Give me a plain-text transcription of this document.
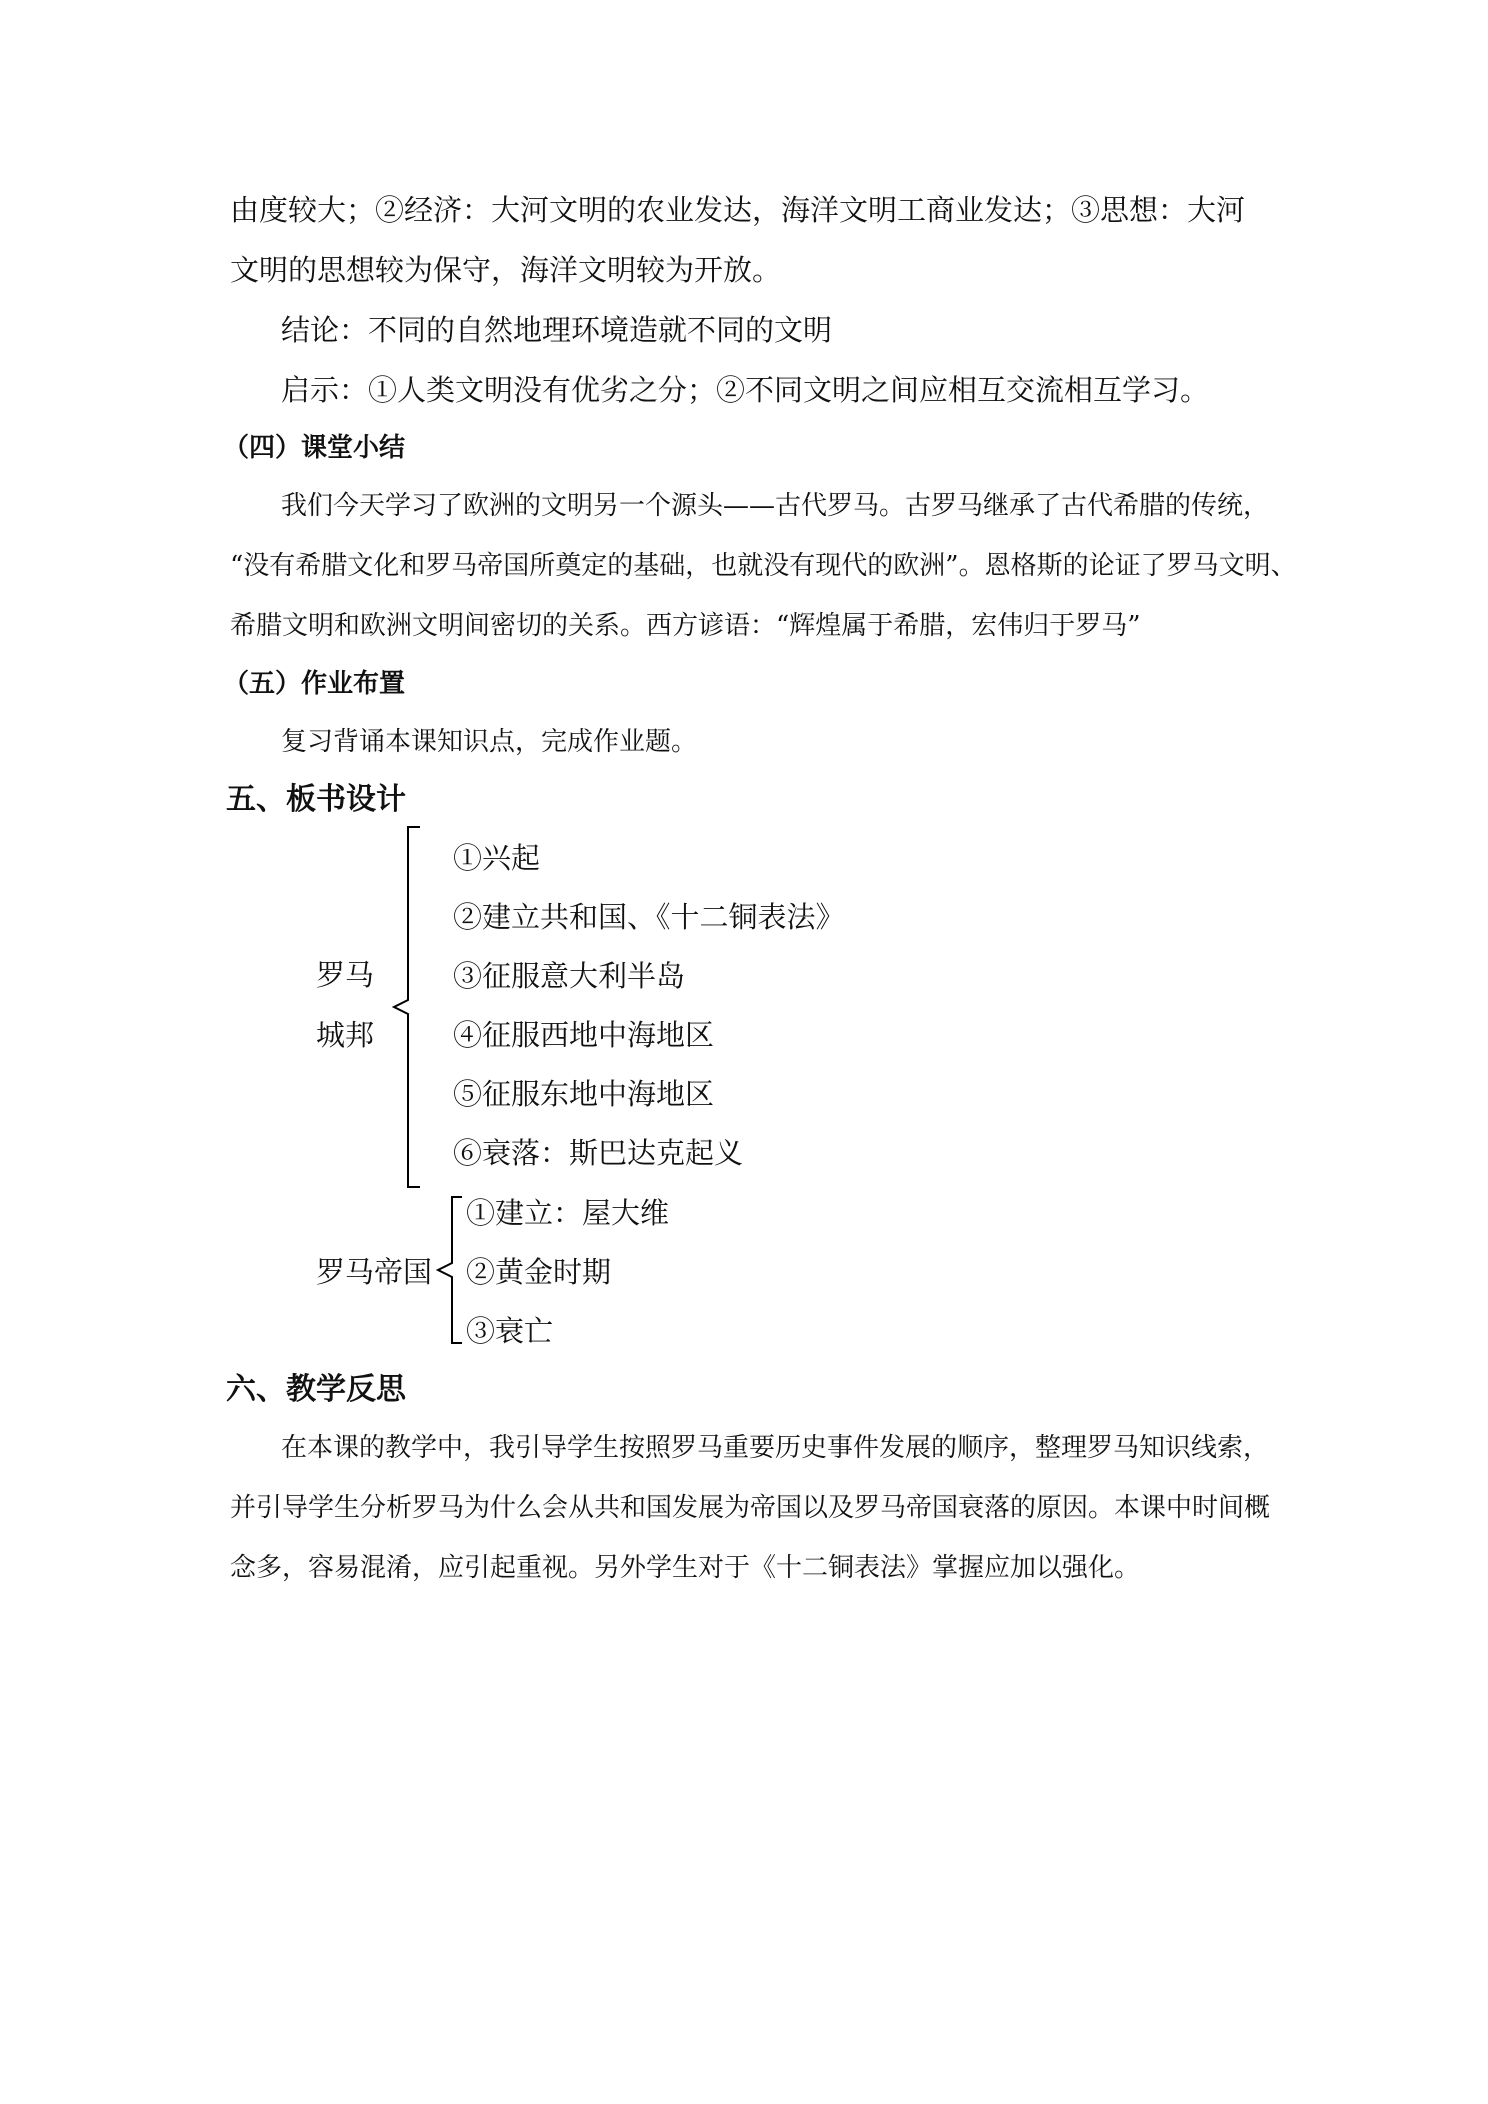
由度较大；②经济：大河文明的农业发达，海洋文明工商业发达；③思想：大河
文明的思想较为保守，海洋文明较为开放。
结论：不同的自然地理环境造就不同的文明
启示：①人类文明没有优劣之分；②不同文明之间应相互交流相互学习。
（四）课堂小结
我们今天学习了欧洲的文明另一个源头——古代罗马。古罗马继承了古代希腊的传统，
“没有希腊文化和罗马帝国所奠定的基础，也就没有现代的欧洲”。恩格斯的论证了罗马文明、
希腊文明和欧洲文明间密切的关系。西方谚语：“辉煌属于希腊，宏伟归于罗马”
（五）作业布置
复习背诵本课知识点，完成作业题。
五、板书设计
罗马
城邦
①兴起
②建立共和国、《十二铜表法》
③征服意大利半岛
④征服西地中海地区
⑤征服东地中海地区
⑥衰落：斯巴达克起义
罗马帝国
①建立：屋大维
②黄金时期
③衰亡
六、教学反思
在本课的教学中，我引导学生按照罗马重要历史事件发展的顺序，整理罗马知识线索，
并引导学生分析罗马为什么会从共和国发展为帝国以及罗马帝国衰落的原因。本课中时间概
念多，容易混淆，应引起重视。另外学生对于《十二铜表法》掌握应加以强化。
